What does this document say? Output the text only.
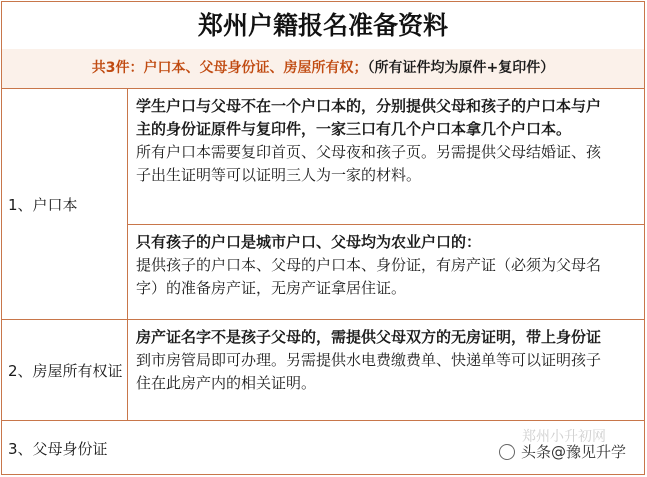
郑州户籍报名准备资料
共3件：户口本、父母身份证、房屋所有权；（所有证件均为原件+复印件）
1、户口本
学生户口与父母不在一个户口本的，分别提供父母和孩子的户口本与户
主的身份证原件与复印件，一家三口有几个户口本拿几个户口本。
所有户口本需要复印首页、父母夜和孩子页。另需提供父母结婚证、孩
子出生证明等可以证明三人为一家的材料。
只有孩子的户口是城市户口、父母均为农业户口的：
提供孩子的户口本、父母的户口本、身份证，有房产证（必须为父母名
字）的准备房产证，无房产证拿居住证。
2、房屋所有权证
房产证名字不是孩子父母的，需提供父母双方的无房证明，带上身份证
到市房管局即可办理。另需提供水电费缴费单、快递单等可以证明孩子
住在此房产内的相关证明。
3、父母身份证
郑州小升初网
头条@豫见升学
